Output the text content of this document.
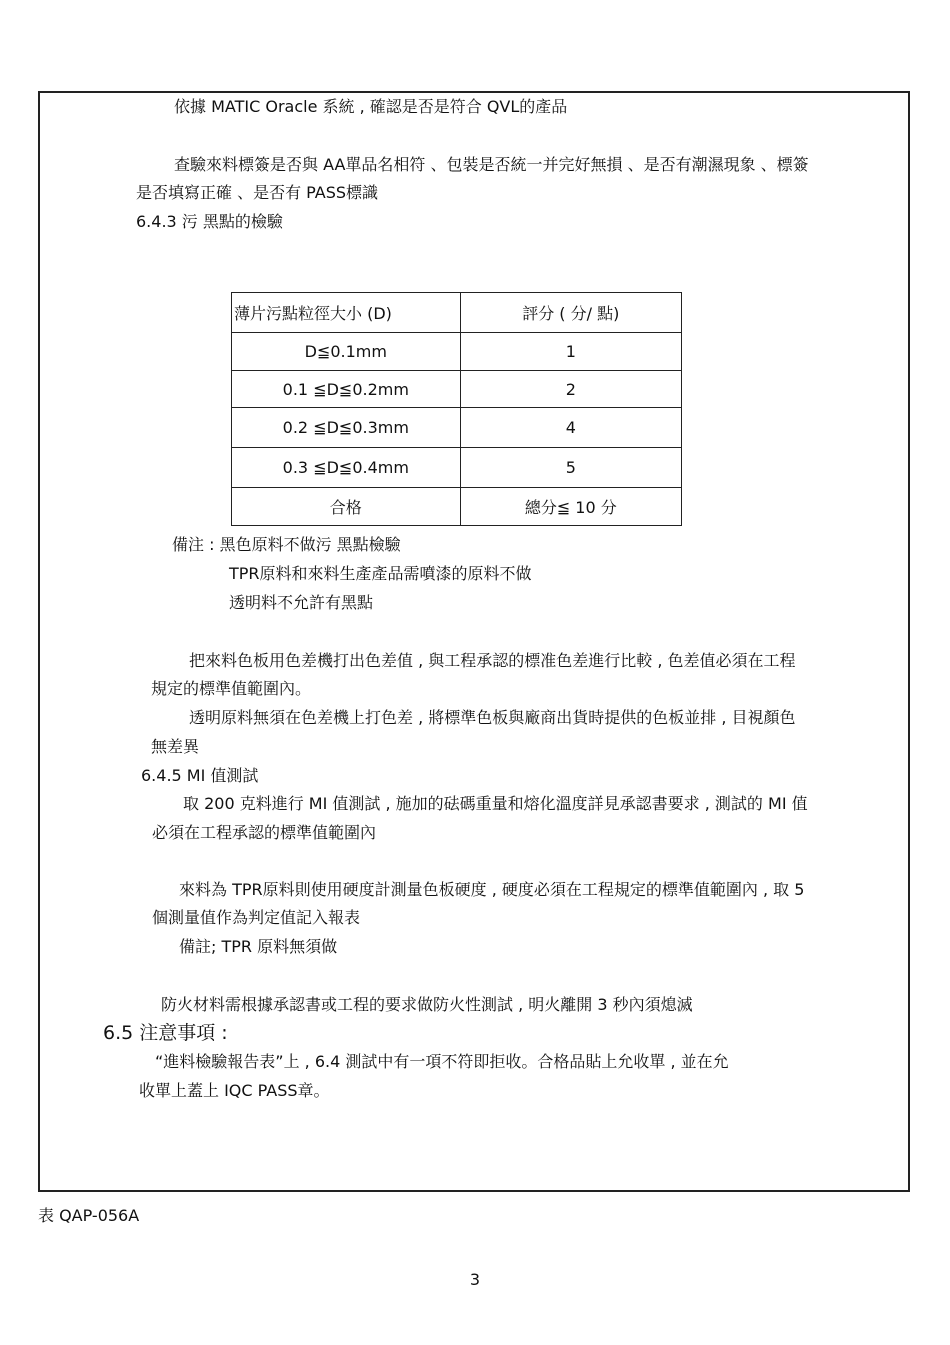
依據 MATIC Oracle 系統 , 確認是否是符合 QVL的產品
查驗來料標簽是否與 AA單品名相符 、包裝是否統一并完好無損 、是否有潮濕現象 、標簽
是否填寫正確 、是否有 PASS標識
6.4.3 污 黑點的檢驗
薄片污點粒徑大小 (D)	評分 ( 分/ 點)
D≦0.1mm	1
0.1 ≦D≦0.2mm	2
0.2 ≦D≦0.3mm	4
0.3 ≦D≦0.4mm	5
合格	總分≦ 10 分
備注 : 黑色原料不做污 黑點檢驗
TPR原料和來料生產產品需噴漆的原料不做
透明料不允許有黑點
把來料色板用色差機打出色差值 , 與工程承認的標准色差進行比較 , 色差值必須在工程
規定的標準值範圍內。
透明原料無須在色差機上打色差 , 將標準色板與廠商出貨時提供的色板並排 , 目視顏色
無差異
6.4.5 MI 值測試
取 200 克料進行 MI 值測試 , 施加的砝碼重量和熔化溫度詳見承認書要求 , 測試的 MI 值
必須在工程承認的標準值範圍內
來料為 TPR原料則使用硬度計測量色板硬度 , 硬度必須在工程規定的標準值範圍內 , 取 5
個測量值作為判定值記入報表
備註; TPR 原料無須做
防火材料需根據承認書或工程的要求做防火性測試 , 明火離開 3 秒內須熄滅
6.5 注意事項 :
“進料檢驗報告表”上 , 6.4 測試中有一項不符即拒收。合格品貼上允收單 , 並在允
收單上蓋上 IQC PASS章。
表 QAP-056A
3
